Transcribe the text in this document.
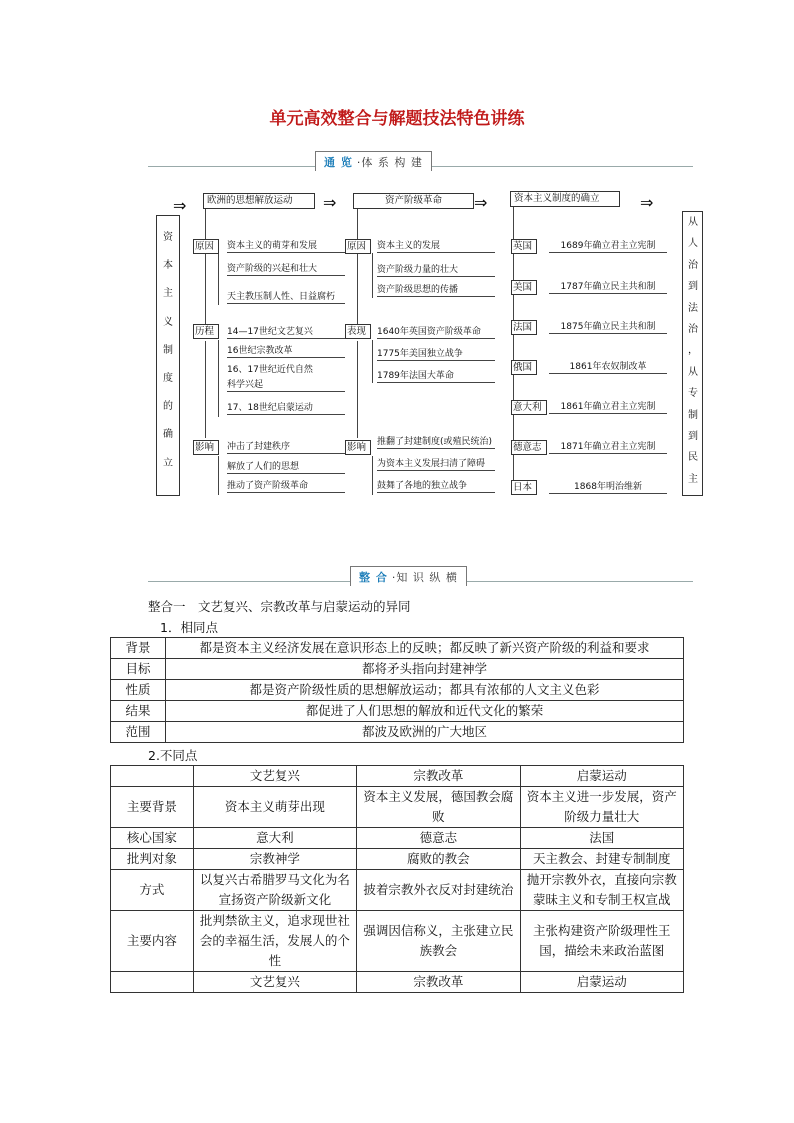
单元高效整合与解题技法特色讲练
通 览 ·体 系 构 建
资
本
主
义
制
度
的
确
立
从
人
治
到
法
治
，
从
专
制
到
民
主
⇒	⇒	⇒	⇒
欧洲的思想解放运动	资产阶级革命	资本主义制度的确立
原因	资本主义的萌芽和发展
资产阶级的兴起和壮大
天主教压制人性、日益腐朽
历程	14—17世纪文艺复兴
16世纪宗教改革
16、17世纪近代自然
科学兴起
17、18世纪启蒙运动
影响	冲击了封建秩序
解放了人们的思想
推动了资产阶级革命
原因	资本主义的发展
资产阶级力量的壮大
资产阶级思想的传播
表现	1640年英国资产阶级革命
1775年美国独立战争
1789年法国大革命
影响	推翻了封建制度(或殖民统治)
为资本主义发展扫清了障碍
鼓舞了各地的独立战争
英国	1689年确立君主立宪制
美国	1787年确立民主共和制
法国	1875年确立民主共和制
俄国	1861年农奴制改革
意大利	1861年确立君主立宪制
德意志	1871年确立君主立宪制
日本	1868年明治维新
整 合 ·知 识 纵 横
整合一　文艺复兴、宗教改革与启蒙运动的异同
1．相同点
背景	都是资本主义经济发展在意识形态上的反映；都反映了新兴资产阶级的利益和要求
目标	都将矛头指向封建神学
性质	都是资产阶级性质的思想解放运动；都具有浓郁的人文主义色彩
结果	都促进了人们思想的解放和近代文化的繁荣
范围	都波及欧洲的广大地区
2.不同点
	文艺复兴	宗教改革	启蒙运动
主要背景	资本主义萌芽出现	资本主义发展，德国教会腐败	资本主义进一步发展，资产阶级力量壮大
核心国家	意大利	德意志	法国
批判对象	宗教神学	腐败的教会	天主教会、封建专制制度
方式	以复兴古希腊罗马文化为名宣扬资产阶级新文化	披着宗教外衣反对封建统治	抛开宗教外衣，直接向宗教蒙昧主义和专制王权宣战
主要内容	批判禁欲主义，追求现世社会的幸福生活，发展人的个性	强调因信称义，主张建立民族教会	主张构建资产阶级理性王国，描绘未来政治蓝图
	文艺复兴	宗教改革	启蒙运动
